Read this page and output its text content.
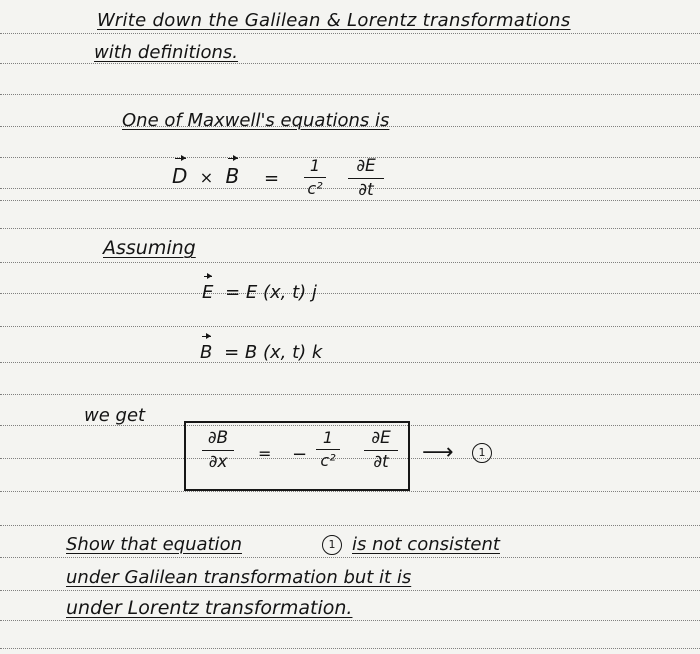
Write down the Galilean & Lorentz transformations
with definitions.
One of Maxwell's equations is
D × B =
1
c²
∂E
∂t
Assuming
E = E (x, t) j
B = B (x, t) k
we get
∂B
∂x	= −
1
c²
∂E
∂t	⟶	1
Show that equation	1 is not consistent
under Galilean transformation but it is
under Lorentz transformation.
